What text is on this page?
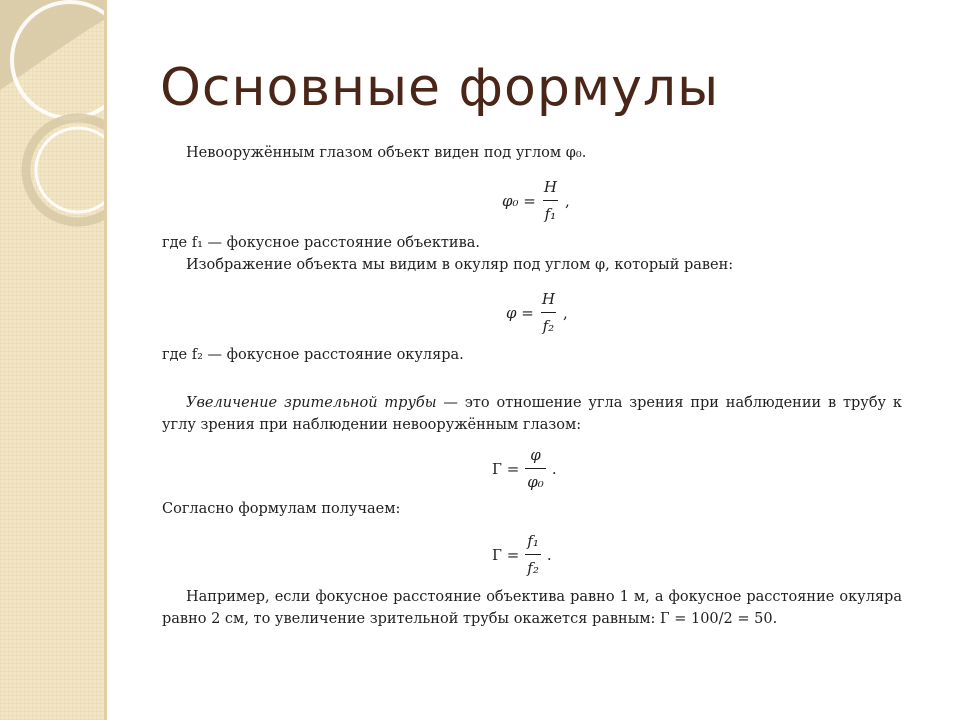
Основные формулы
Невооружённым глазом объект виден под углом φ₀.
$\varphi_0 = \frac{H}{\text{f₁}}$ ,
где f₁ — фокусное расстояние объектива.
Изображение объекта мы видим в окуляр под углом φ, который равен:
$\varphi = \frac{H}{\text{f₂}}$ ,
где f₂ — фокусное расстояние окуляра.
Увеличение зрительной трубы — это отношение угла зрения при наблюдении в трубу к углу зрения при наблюдении невооружённым глазом:
$Г = \frac{\varphi}{\text{φ₀}}$ .
Согласно формулам получаем:
$Г = \frac{\text{f₁}}{\text{f₂}}$ .
Например, если фокусное расстояние объектива равно 1 м, а фокусное расстояние окуляра равно 2 см, то увеличение зрительной трубы окажется равным: Г = 100/2 = 50.
